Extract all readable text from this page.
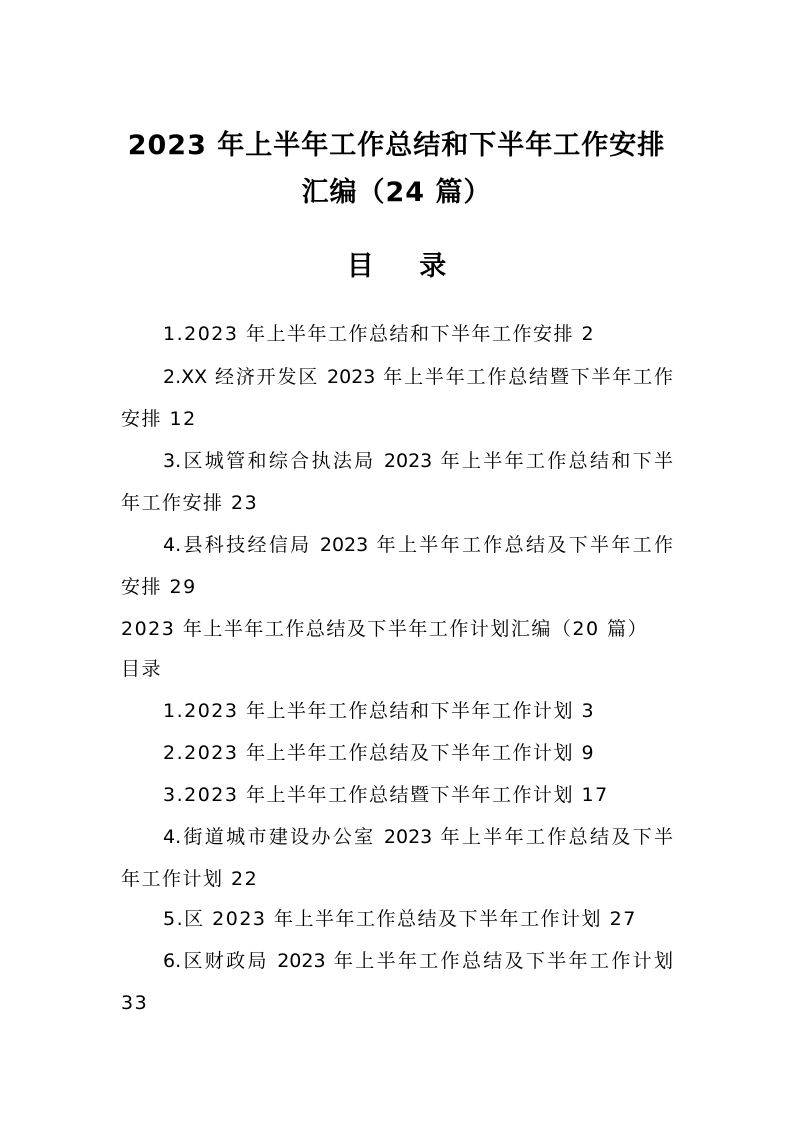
2023 年上半年工作总结和下半年工作安排
汇编（24 篇）
目 录
1.2023 年上半年工作总结和下半年工作安排 2
2.XX 经济开发区 2023 年上半年工作总结暨下半年工作
安排 12
3.区城管和综合执法局 2023 年上半年工作总结和下半
年工作安排 23
4.县科技经信局 2023 年上半年工作总结及下半年工作
安排 29
2023 年上半年工作总结及下半年工作计划汇编（20 篇）
目录
1.2023 年上半年工作总结和下半年工作计划 3
2.2023 年上半年工作总结及下半年工作计划 9
3.2023 年上半年工作总结暨下半年工作计划 17
4.街道城市建设办公室 2023 年上半年工作总结及下半
年工作计划 22
5.区 2023 年上半年工作总结及下半年工作计划 27
6.区财政局 2023 年上半年工作总结及下半年工作计划
33
